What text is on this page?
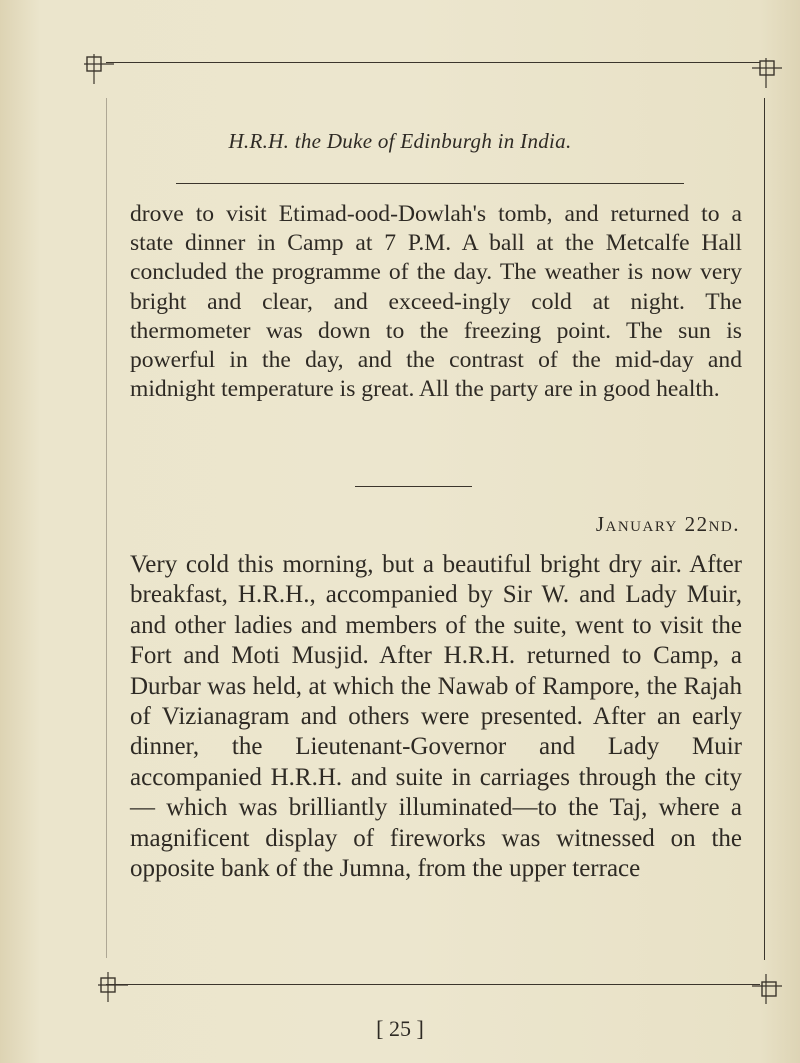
H.R.H. the Duke of Edinburgh in India.
drove to visit Etimad-ood-Dowlah's tomb, and returned to a state dinner in Camp at 7 P.M. A ball at the Metcalfe Hall concluded the programme of the day. The weather is now very bright and clear, and exceed-ingly cold at night. The thermometer was down to the freezing point. The sun is powerful in the day, and the contrast of the mid-day and midnight temperature is great. All the party are in good health.
January 22nd.
Very cold this morning, but a beautiful bright dry air. After breakfast, H.R.H., accompanied by Sir W. and Lady Muir, and other ladies and members of the suite, went to visit the Fort and Moti Musjid. After H.R.H. returned to Camp, a Durbar was held, at which the Nawab of Rampore, the Rajah of Vizianagram and others were presented. After an early dinner, the Lieutenant-Governor and Lady Muir accompanied H.R.H. and suite in carriages through the city— which was brilliantly illuminated—to the Taj, where a magnificent display of fireworks was witnessed on the opposite bank of the Jumna, from the upper terrace
[ 25 ]
